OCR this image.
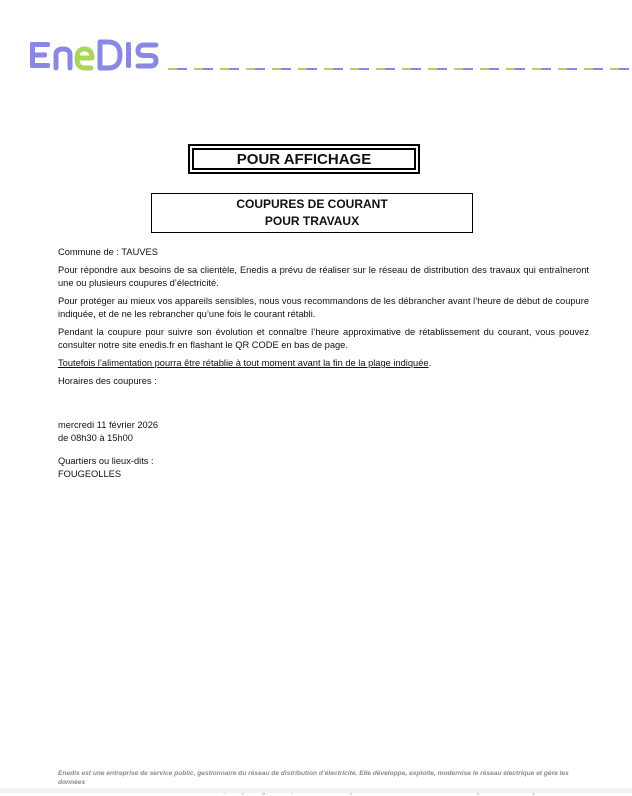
POUR AFFICHAGE
COUPURES DE COURANT
POUR TRAVAUX

Commune de : TAUVES

Pour répondre aux besoins de sa clientèle, Enedis a prévu de réaliser sur le réseau de distribution des travaux qui entraîneront une ou plusieurs coupures d’électricité.

Pour protéger au mieux vos appareils sensibles, nous vous recommandons de les débrancher avant l’heure de début de coupure indiquée, et de ne les rebrancher qu’une fois le courant rétabli.

Pendant la coupure pour suivre son évolution et connaître l’heure approximative de rétablissement du courant, vous pouvez consulter notre site enedis.fr en flashant le QR CODE en bas de page.

Toutefois l’alimentation pourra être rétablie à tout moment avant la fin de la plage indiquée.

Horaires des coupures :

mercredi 11 février 2026
de 08h30 à 15h00
Quartiers ou lieux-dits :
FOUGEOLLES
Enedis est une entreprise de service public, gestionnaire du réseau de distribution d’électricité. Elle développe, exploite, modernise le réseau électrique et gère les données
